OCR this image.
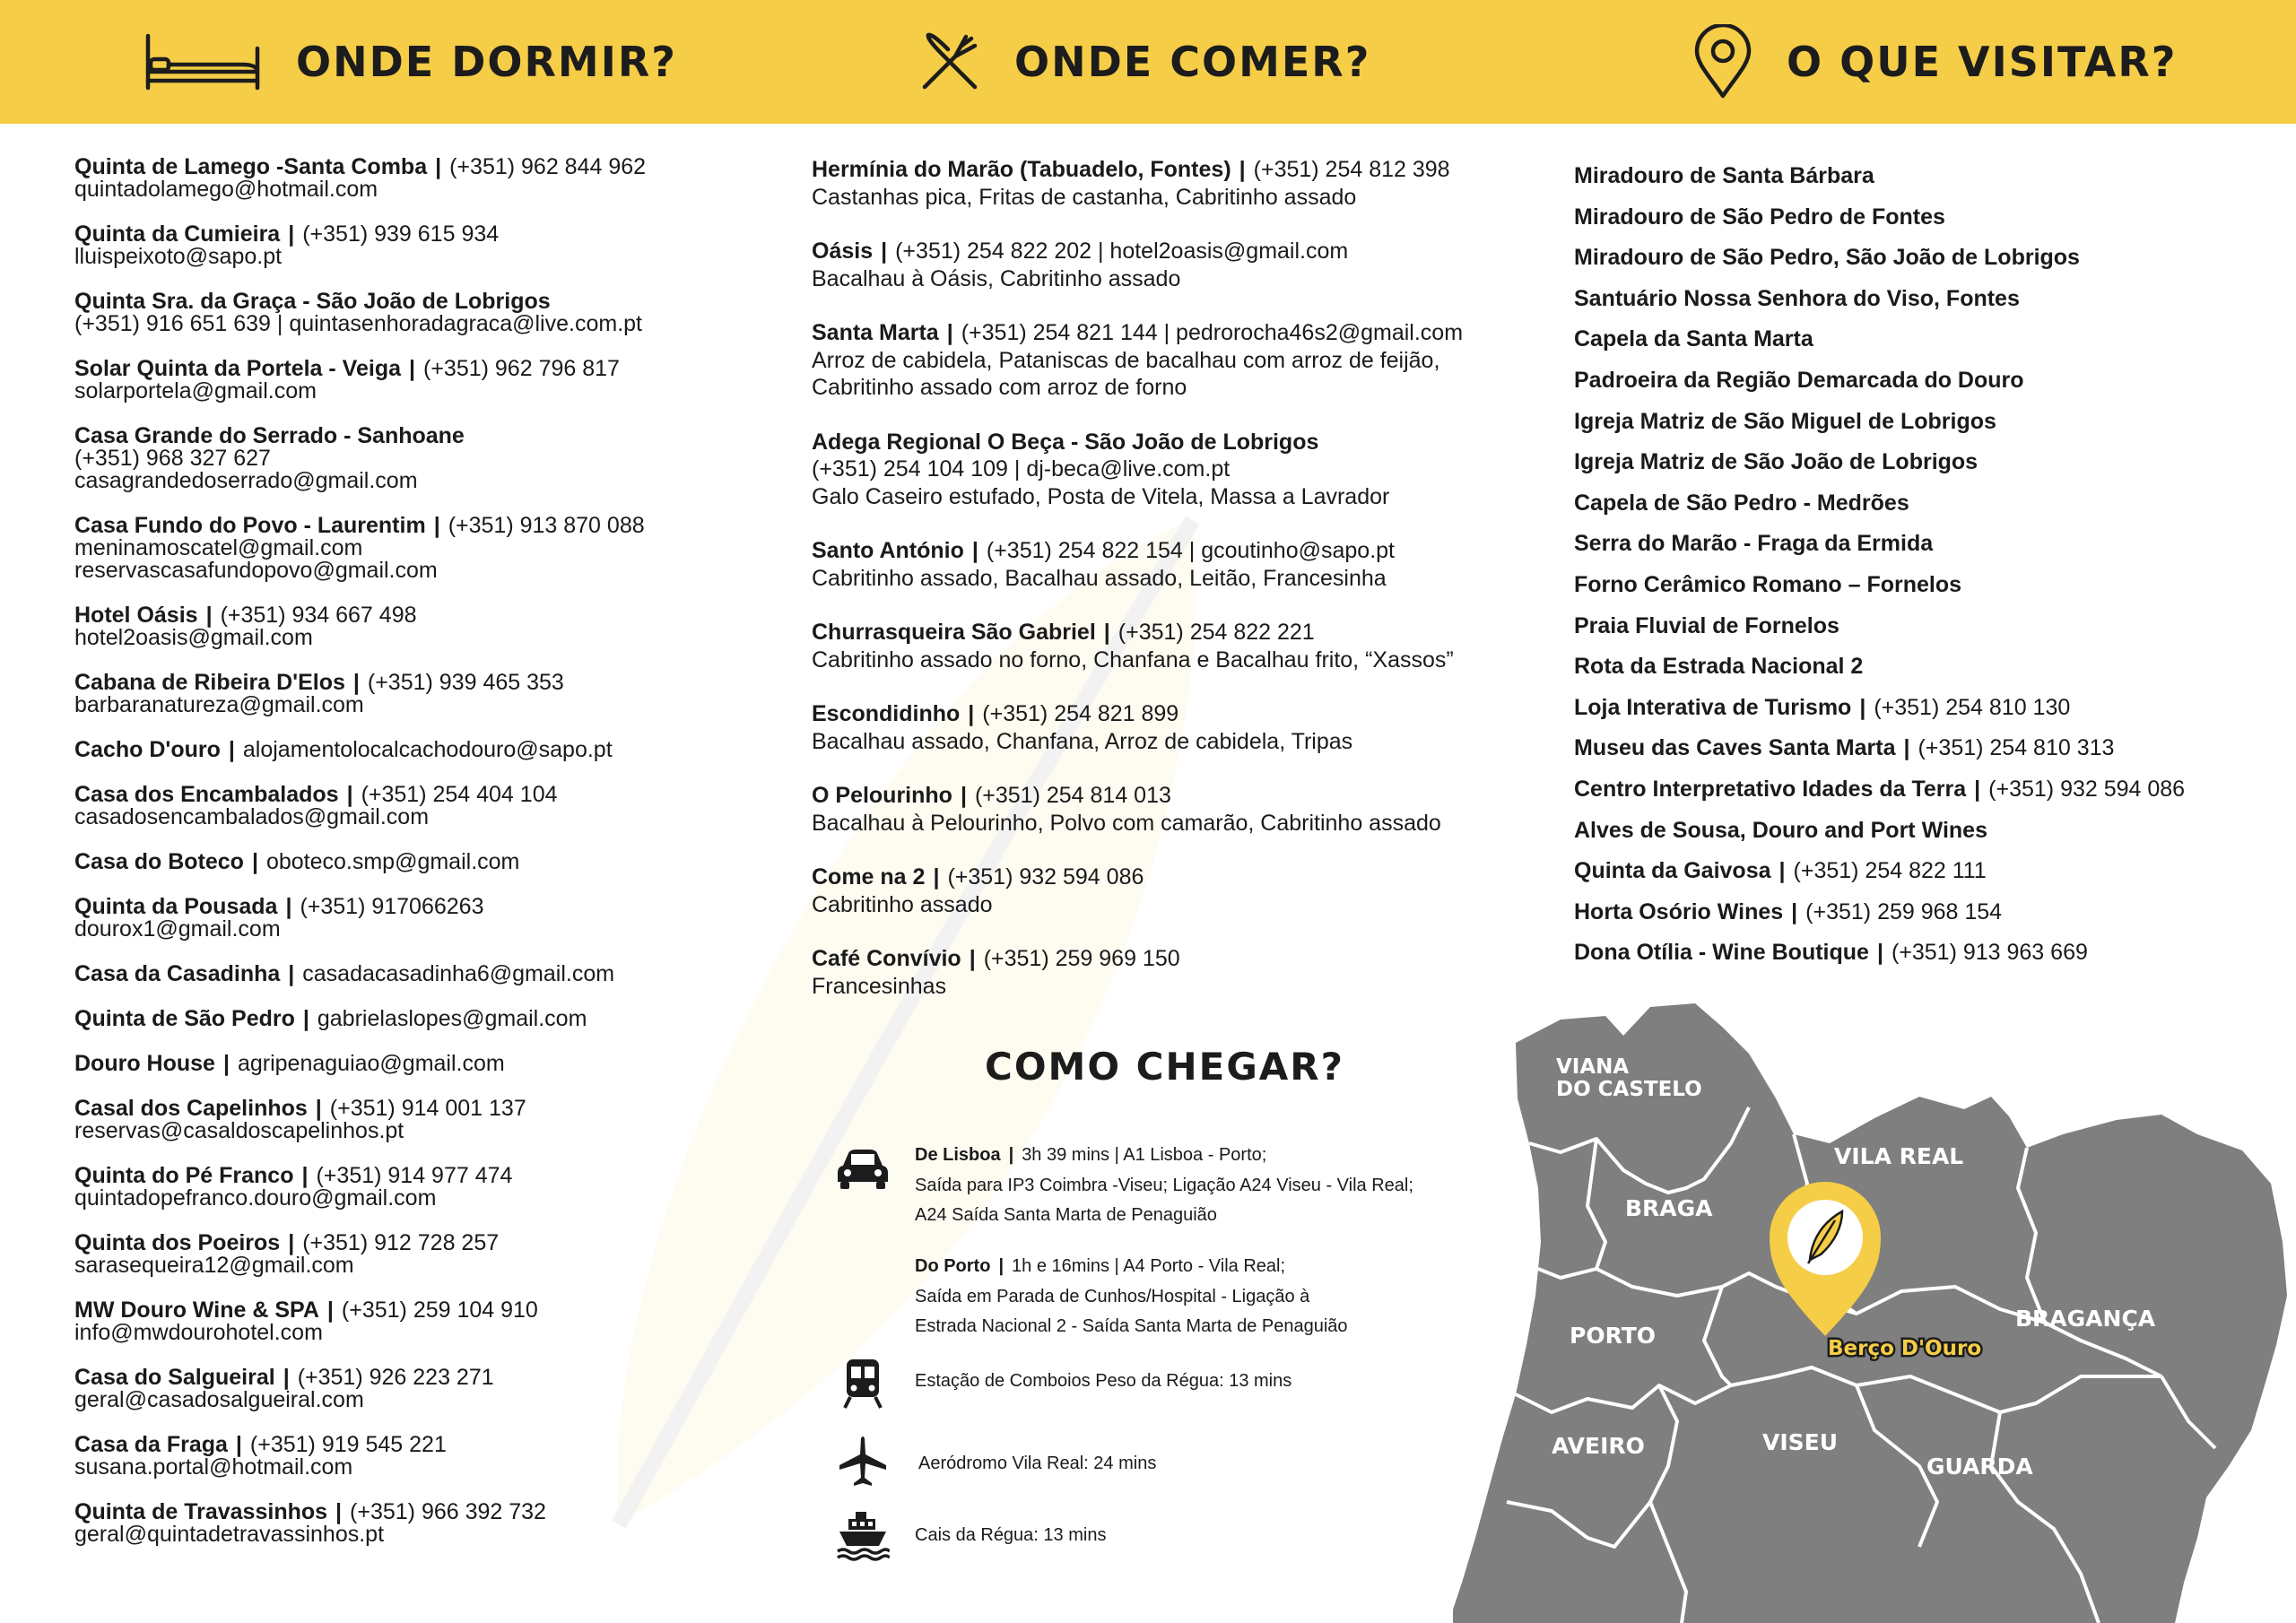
ONDE DORMIR?	ONDE COMER?	O QUE VISITAR?
Quinta de Lamego -Santa Comba | (+351) 962 844 962
quintadolamego@hotmail.com
Quinta da Cumieira | (+351) 939 615 934
lluispeixoto@sapo.pt
Quinta Sra. da Graça - São João de Lobrigos
(+351) 916 651 639 | quintasenhoradagraca@live.com.pt
Solar Quinta da Portela - Veiga | (+351) 962 796 817
solarportela@gmail.com
Casa Grande do Serrado - Sanhoane
(+351) 968 327 627
casagrandedoserrado@gmail.com
Casa Fundo do Povo - Laurentim | (+351) 913 870 088
meninamoscatel@gmail.com
reservascasafundopovo@gmail.com
Hotel Oásis | (+351) 934 667 498
hotel2oasis@gmail.com
Cabana de Ribeira D'Elos | (+351) 939 465 353
barbaranatureza@gmail.com
Cacho D'ouro | alojamentolocalcachodouro@sapo.pt
Casa dos Encambalados | (+351) 254 404 104
casadosencambalados@gmail.com
Casa do Boteco | oboteco.smp@gmail.com
Quinta da Pousada | (+351) 917066263
dourox1@gmail.com
Casa da Casadinha | casadacasadinha6@gmail.com
Quinta de São Pedro | gabrielaslopes@gmail.com
Douro House | agripenaguiao@gmail.com
Casal dos Capelinhos | (+351) 914 001 137
reservas@casaldoscapelinhos.pt
Quinta do Pé Franco | (+351) 914 977 474
quintadopefranco.douro@gmail.com
Quinta dos Poeiros | (+351) 912 728 257
sarasequeira12@gmail.com
MW Douro Wine & SPA | (+351) 259 104 910
info@mwdourohotel.com
Casa do Salgueiral | (+351) 926 223 271
geral@casadosalgueiral.com
Casa da Fraga | (+351) 919 545 221
susana.portal@hotmail.com
Quinta de Travassinhos | (+351) 966 392 732
geral@quintadetravassinhos.pt
Hermínia do Marão (Tabuadelo, Fontes) | (+351) 254 812 398
Castanhas pica, Fritas de castanha, Cabritinho assado
Oásis | (+351) 254 822 202 | hotel2oasis@gmail.com
Bacalhau à Oásis, Cabritinho assado
Santa Marta | (+351) 254 821 144 | pedrorocha46s2@gmail.com
Arroz de cabidela, Pataniscas de bacalhau com arroz de feijão,
Cabritinho assado com arroz de forno
Adega Regional O Beça - São João de Lobrigos
(+351) 254 104 109 | dj-beca@live.com.pt
Galo Caseiro estufado, Posta de Vitela, Massa a Lavrador
Santo António | (+351) 254 822 154 | gcoutinho@sapo.pt
Cabritinho assado, Bacalhau assado, Leitão, Francesinha
Churrasqueira São Gabriel | (+351) 254 822 221
Cabritinho assado no forno, Chanfana e Bacalhau frito, “Xassos”
Escondidinho | (+351) 254 821 899
Bacalhau assado, Chanfana, Arroz de cabidela, Tripas
O Pelourinho | (+351) 254 814 013
Bacalhau à Pelourinho, Polvo com camarão, Cabritinho assado
Come na 2 | (+351) 932 594 086
Cabritinho assado
Café Convívio | (+351) 259 969 150
Francesinhas
Miradouro de Santa Bárbara
Miradouro de São Pedro de Fontes
Miradouro de São Pedro, São João de Lobrigos
Santuário Nossa Senhora do Viso, Fontes
Capela da Santa Marta
Padroeira da Região Demarcada do Douro
Igreja Matriz de São Miguel de Lobrigos
Igreja Matriz de São João de Lobrigos
Capela de São Pedro - Medrões
Serra do Marão - Fraga da Ermida
Forno Cerâmico Romano – Fornelos
Praia Fluvial de Fornelos
Rota da Estrada Nacional 2
Loja Interativa de Turismo | (+351) 254 810 130
Museu das Caves Santa Marta | (+351) 254 810 313
Centro Interpretativo Idades da Terra | (+351) 932 594 086
Alves de Sousa, Douro and Port Wines
Quinta da Gaivosa | (+351) 254 822 111
Horta Osório Wines | (+351) 259 968 154
Dona Otília - Wine Boutique | (+351) 913 963 669
COMO CHEGAR?
De Lisboa | 3h 39 mins | A1 Lisboa - Porto;
Saída para IP3 Coimbra -Viseu; Ligação A24 Viseu - Vila Real;
A24 Saída Santa Marta de Penaguião
Do Porto | 1h e 16mins | A4 Porto - Vila Real;
Saída em Parada de Cunhos/Hospital - Ligação à
Estrada Nacional 2 - Saída Santa Marta de Penaguião
Estação de Comboios Peso da Régua: 13 mins
Aeródromo Vila Real: 24 mins
Cais da Régua: 13 mins
VIANA
DO CASTELO
VILA REAL
BRAGA
BRAGANÇA
PORTO
AVEIRO	VISEU
GUARDA
Berço D'Ouro
